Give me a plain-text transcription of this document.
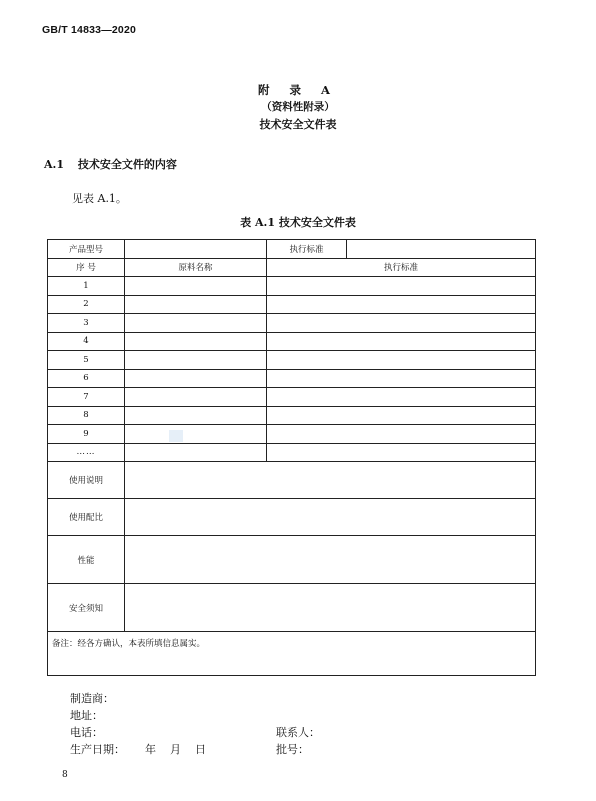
GB/T 14833—2020
附 录 A
（资料性附录）
技术安全文件表
A.1 技术安全文件的内容
见表 A.1。
表 A.1 技术安全文件表
产品型号		执行标准	
序 号	原料名称	执行标准	
1			
2			
3			
4			
5			
6			
7			
8			
9			
……			
使用说明			
使用配比			
性能			
安全须知			
备注：经各方确认，本表所填信息属实。			
制造商：
地址：
电话：	联系人：
生产日期： 年 月 日	批号：
8
